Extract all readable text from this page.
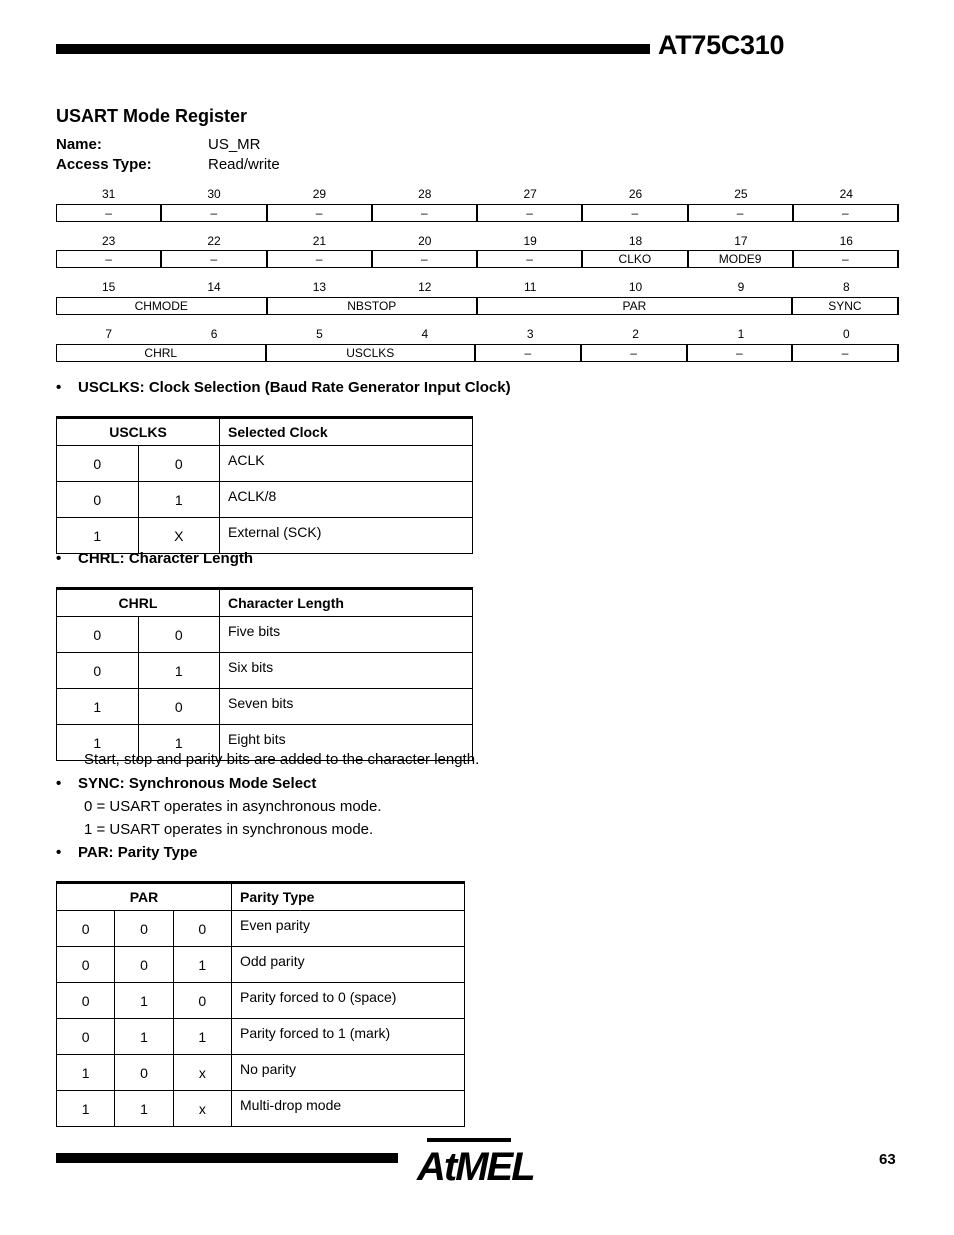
AT75C310
USART Mode Register
Name:	US_MR
Access Type:	Read/write
31	30	29	28	27	26	25	24
–	–	–	–	–	–	–	–
23	22	21	20	19	18	17	16
–	–	–	–	–	CLKO	MODE9	–
15	14	13	12	11	10	9	8
CHMODE	NBSTOP	PAR	SYNC
7	6	5	4	3	2	1	0
CHRL	USCLKS	–	–	–	–
• USCLKS: Clock Selection (Baud Rate Generator Input Clock)
USCLKS		Selected Clock
0	0	ACLK
0	1	ACLK/8
1	X	External (SCK)
• CHRL: Character Length
CHRL		Character Length
0	0	Five bits
0	1	Six bits
1	0	Seven bits
1	1	Eight bits
Start, stop and parity bits are added to the character length.
• SYNC: Synchronous Mode Select
0 = USART operates in asynchronous mode.
1 = USART operates in synchronous mode.
• PAR: Parity Type
PAR			Parity Type
0	0	0	Even parity
0	0	1	Odd parity
0	1	0	Parity forced to 0 (space)
0	1	1	Parity forced to 1 (mark)
1	0	x	No parity
1	1	x	Multi-drop mode
AtMEL	63
